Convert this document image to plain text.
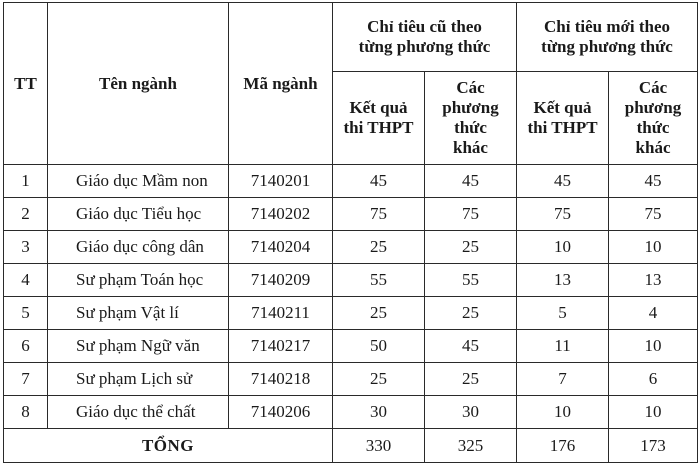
TT	Tên ngành	Mã ngành	Chỉ tiêu cũ theo từng phương thức		Chỉ tiêu mới theo từng phương thức	
			Kết quả thi THPT	Các phương thức khác	Kết quả thi THPT	Các phương thức khác
1	Giáo dục Mầm non	7140201	45	45	45	45
2	Giáo dục Tiểu học	7140202	75	75	75	75
3	Giáo dục công dân	7140204	25	25	10	10
4	Sư phạm Toán học	7140209	55	55	13	13
5	Sư phạm Vật lí	7140211	25	25	5	4
6	Sư phạm Ngữ văn	7140217	50	45	11	10
7	Sư phạm Lịch sử	7140218	25	25	7	6
8	Giáo dục thể chất	7140206	30	30	10	10
TỔNG			330	325	176	173
